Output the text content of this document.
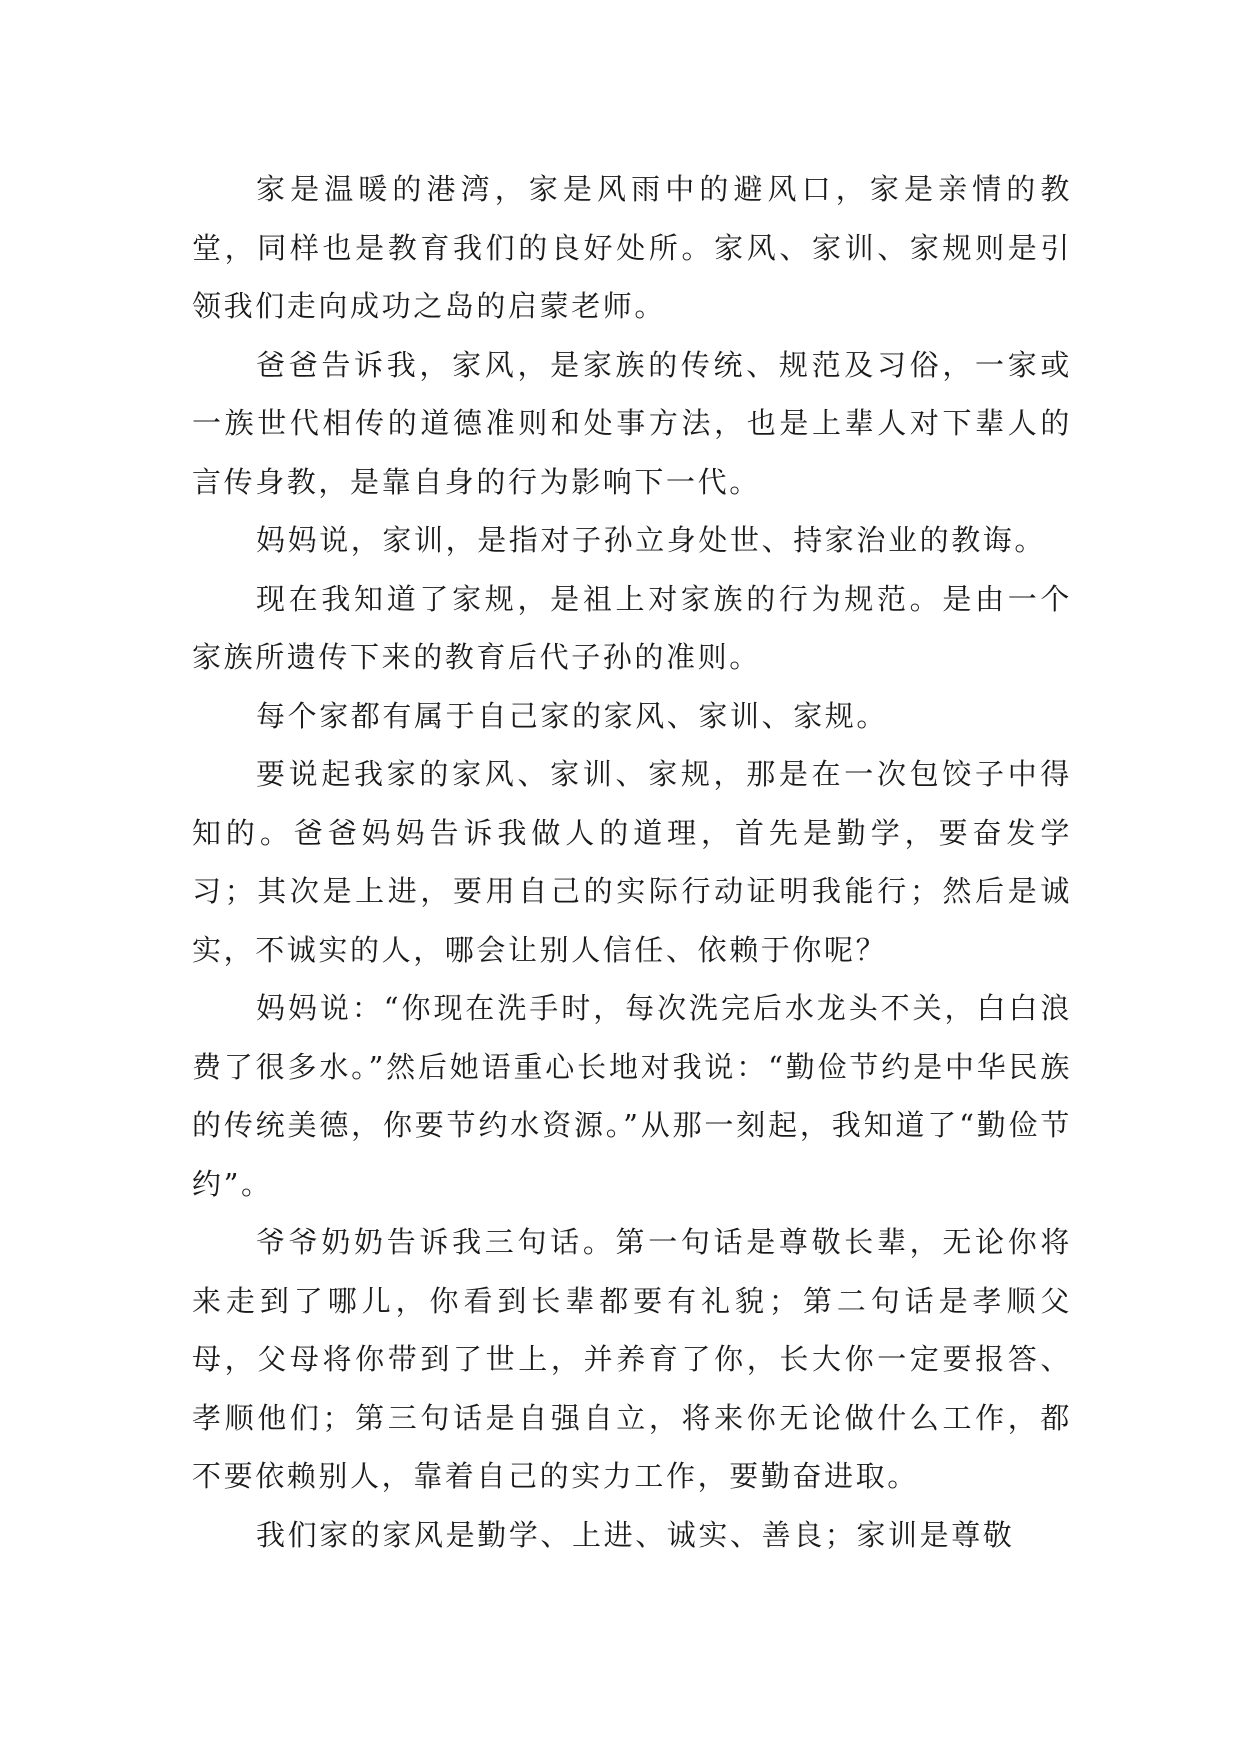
家是温暖的港湾，家是风雨中的避风口，家是亲情的教堂，同样也是教育我们的良好处所。家风、家训、家规则是引领我们走向成功之岛的启蒙老师。

爸爸告诉我，家风，是家族的传统、规范及习俗，一家或一族世代相传的道德准则和处事方法，也是上辈人对下辈人的言传身教，是靠自身的行为影响下一代。

妈妈说，家训，是指对子孙立身处世、持家治业的教诲。

现在我知道了家规，是祖上对家族的行为规范。是由一个家族所遗传下来的教育后代子孙的准则。

每个家都有属于自己家的家风、家训、家规。

要说起我家的家风、家训、家规，那是在一次包饺子中得知的。爸爸妈妈告诉我做人的道理，首先是勤学，要奋发学习；其次是上进，要用自己的实际行动证明我能行；然后是诚实，不诚实的人，哪会让别人信任、依赖于你呢？

妈妈说：“你现在洗手时，每次洗完后水龙头不关，白白浪费了很多水。”然后她语重心长地对我说：“勤俭节约是中华民族的传统美德，你要节约水资源。”从那一刻起，我知道了“勤俭节约”。

爷爷奶奶告诉我三句话。第一句话是尊敬长辈，无论你将来走到了哪儿，你看到长辈都要有礼貌；第二句话是孝顺父母，父母将你带到了世上，并养育了你，长大你一定要报答、孝顺他们；第三句话是自强自立，将来你无论做什么工作，都不要依赖别人，靠着自己的实力工作，要勤奋进取。

我们家的家风是勤学、上进、诚实、善良；家训是尊敬
